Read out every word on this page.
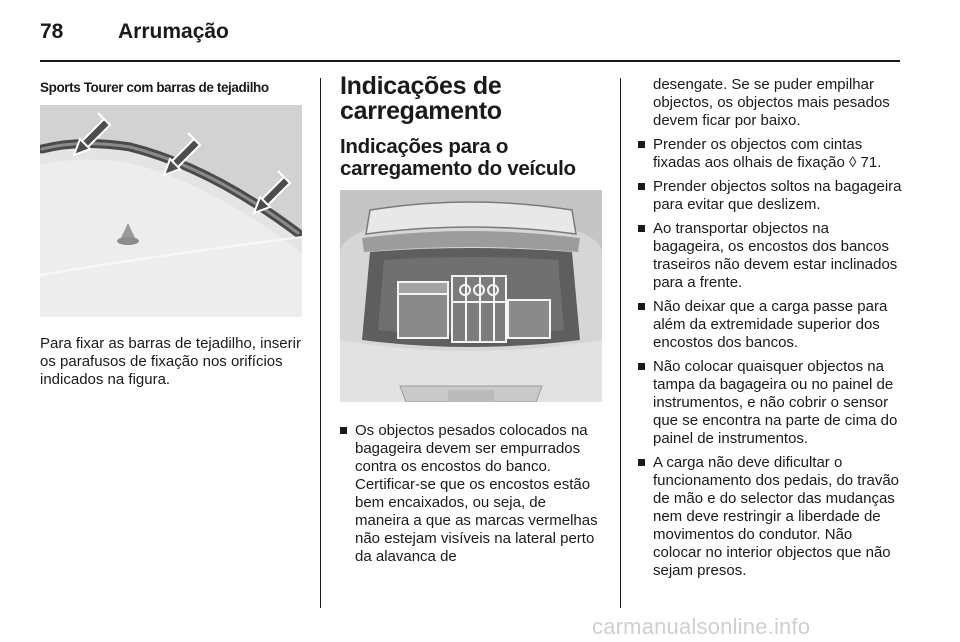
78	Arrumação
Sports Tourer com barras de tejadilho
Para fixar as barras de tejadilho, inserir os parafusos de fixação nos orifícios indicados na figura.
Indicações de carregamento
Indicações para o carregamento do veículo
Os objectos pesados colocados na bagageira devem ser empurrados contra os encostos do banco. Certificar-se que os encostos estão bem encaixados, ou seja, de maneira a que as marcas vermelhas não estejam visíveis na lateral perto da alavanca de
desengate. Se se puder empilhar objectos, os objectos mais pesados devem ficar por baixo.
Prender os objectos com cintas fixadas aos olhais de fixação ◊ 71.
Prender objectos soltos na bagageira para evitar que deslizem.
Ao transportar objectos na bagageira, os encostos dos bancos traseiros não devem estar inclinados para a frente.
Não deixar que a carga passe para além da extremidade superior dos encostos dos bancos.
Não colocar quaisquer objectos na tampa da bagageira ou no painel de instrumentos, e não cobrir o sensor que se encontra na parte de cima do painel de instrumentos.
A carga não deve dificultar o funcionamento dos pedais, do travão de mão e do selector das mudanças nem deve restringir a liberdade de movimentos do condutor. Não colocar no interior objectos que não sejam presos.
carmanualsonline.info
